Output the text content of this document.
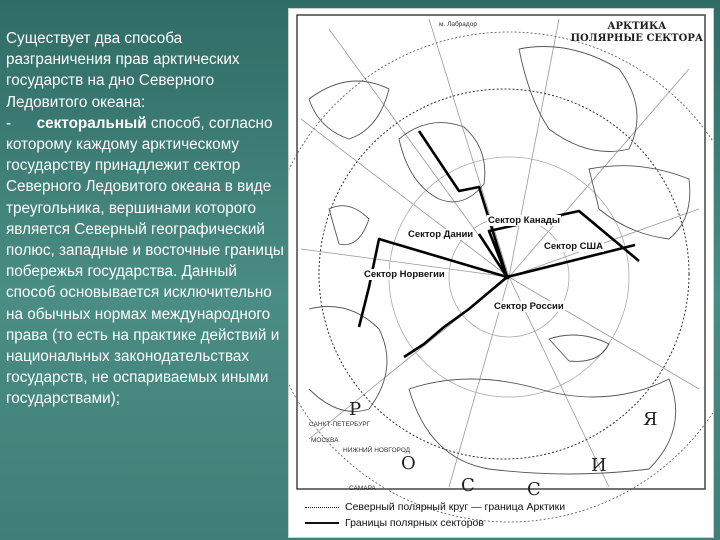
Существует два способа разграничения прав арктических государств на дно Северного Ледовитого океана:

- секторальный способ, согласно которому каждому арктическому государству принадлежит сектор Северного Ледовитого океана в виде треугольника, вершинами которого является Северный географический полюс, западные и восточные границы побережья государства. Данный способ основывается исключительно на обычных нормах международного права (то есть на практике действий и национальных законодательствах государств, не оспариваемых иными государствами);

АРКТИКА
ПОЛЯРНЫЕ СЕКТОРА
м. Лабрадор
Сектор Канады
Сектор Дании
Сектор США
Сектор Норвегии
Сектор России
САНКТ-ПЕТЕРБУРГ
МОСКВА
НИЖНИЙ НОВГОРОД
САМАРА
Р
О
С	С
И
Я
Северный полярный круг — граница Арктики
Границы полярных секторов
